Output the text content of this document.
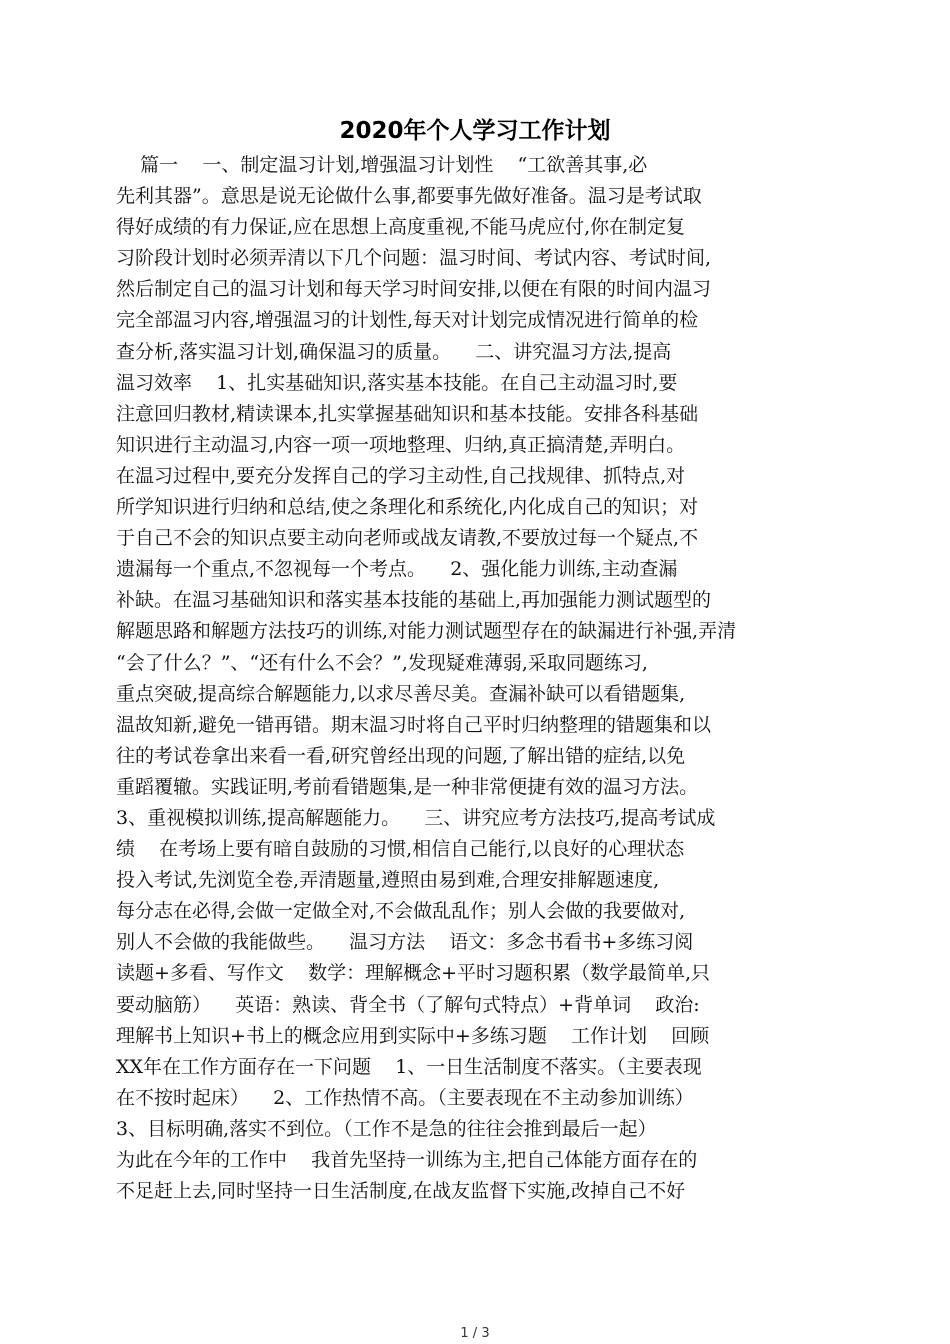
2020年个人学习工作计划
篇一    一、制定温习计划,增强温习计划性    “工欲善其事,必
先利其器”。意思是说无论做什么事,都要事先做好准备。温习是考试取
得好成绩的有力保证,应在思想上高度重视,不能马虎应付,你在制定复
习阶段计划时必须弄清以下几个问题：温习时间、考试内容、考试时间,
然后制定自己的温习计划和每天学习时间安排,以便在有限的时间内温习
完全部温习内容,增强温习的计划性,每天对计划完成情况进行简单的检
查分析,落实温习计划,确保温习的质量。    二、讲究温习方法,提高
温习效率    1、扎实基础知识,落实基本技能。在自己主动温习时,要
注意回归教材,精读课本,扎实掌握基础知识和基本技能。安排各科基础
知识进行主动温习,内容一项一项地整理、归纳,真正搞清楚,弄明白。
在温习过程中,要充分发挥自己的学习主动性,自己找规律、抓特点,对
所学知识进行归纳和总结,使之条理化和系统化,内化成自己的知识；对
于自己不会的知识点要主动向老师或战友请教,不要放过每一个疑点,不
遗漏每一个重点,不忽视每一个考点。    2、强化能力训练,主动查漏
补缺。在温习基础知识和落实基本技能的基础上,再加强能力测试题型的
解题思路和解题方法技巧的训练,对能力测试题型存在的缺漏进行补强,弄清
“会了什么？”、“还有什么不会？”,发现疑难薄弱,采取同题练习,
重点突破,提高综合解题能力,以求尽善尽美。查漏补缺可以看错题集,
温故知新,避免一错再错。期末温习时将自己平时归纳整理的错题集和以
往的考试卷拿出来看一看,研究曾经出现的问题,了解出错的症结,以免
重蹈覆辙。实践证明,考前看错题集,是一种非常便捷有效的温习方法。
3、重视模拟训练,提高解题能力。    三、讲究应考方法技巧,提高考试成
绩    在考场上要有暗自鼓励的习惯,相信自己能行,以良好的心理状态
投入考试,先浏览全卷,弄清题量,遵照由易到难,合理安排解题速度,
每分志在必得,会做一定做全对,不会做乱乱作；别人会做的我要做对,
别人不会做的我能做些。    温习方法    语文：多念书看书+多练习阅
读题+多看、写作文    数学：理解概念+平时习题积累（数学最简单,只
要动脑筋）    英语：熟读、背全书（了解句式特点）+背单词    政治:
理解书上知识+书上的概念应用到实际中+多练习题    工作计划    回顾
XX年在工作方面存在一下问题    1、一日生活制度不落实。（主要表现
在不按时起床）    2、工作热情不高。（主要表现在不主动参加训练）
3、目标明确,落实不到位。（工作不是急的往往会推到最后一起）
为此在今年的工作中    我首先坚持一训练为主,把自己体能方面存在的
不足赶上去,同时坚持一日生活制度,在战友监督下实施,改掉自己不好
1 / 3
